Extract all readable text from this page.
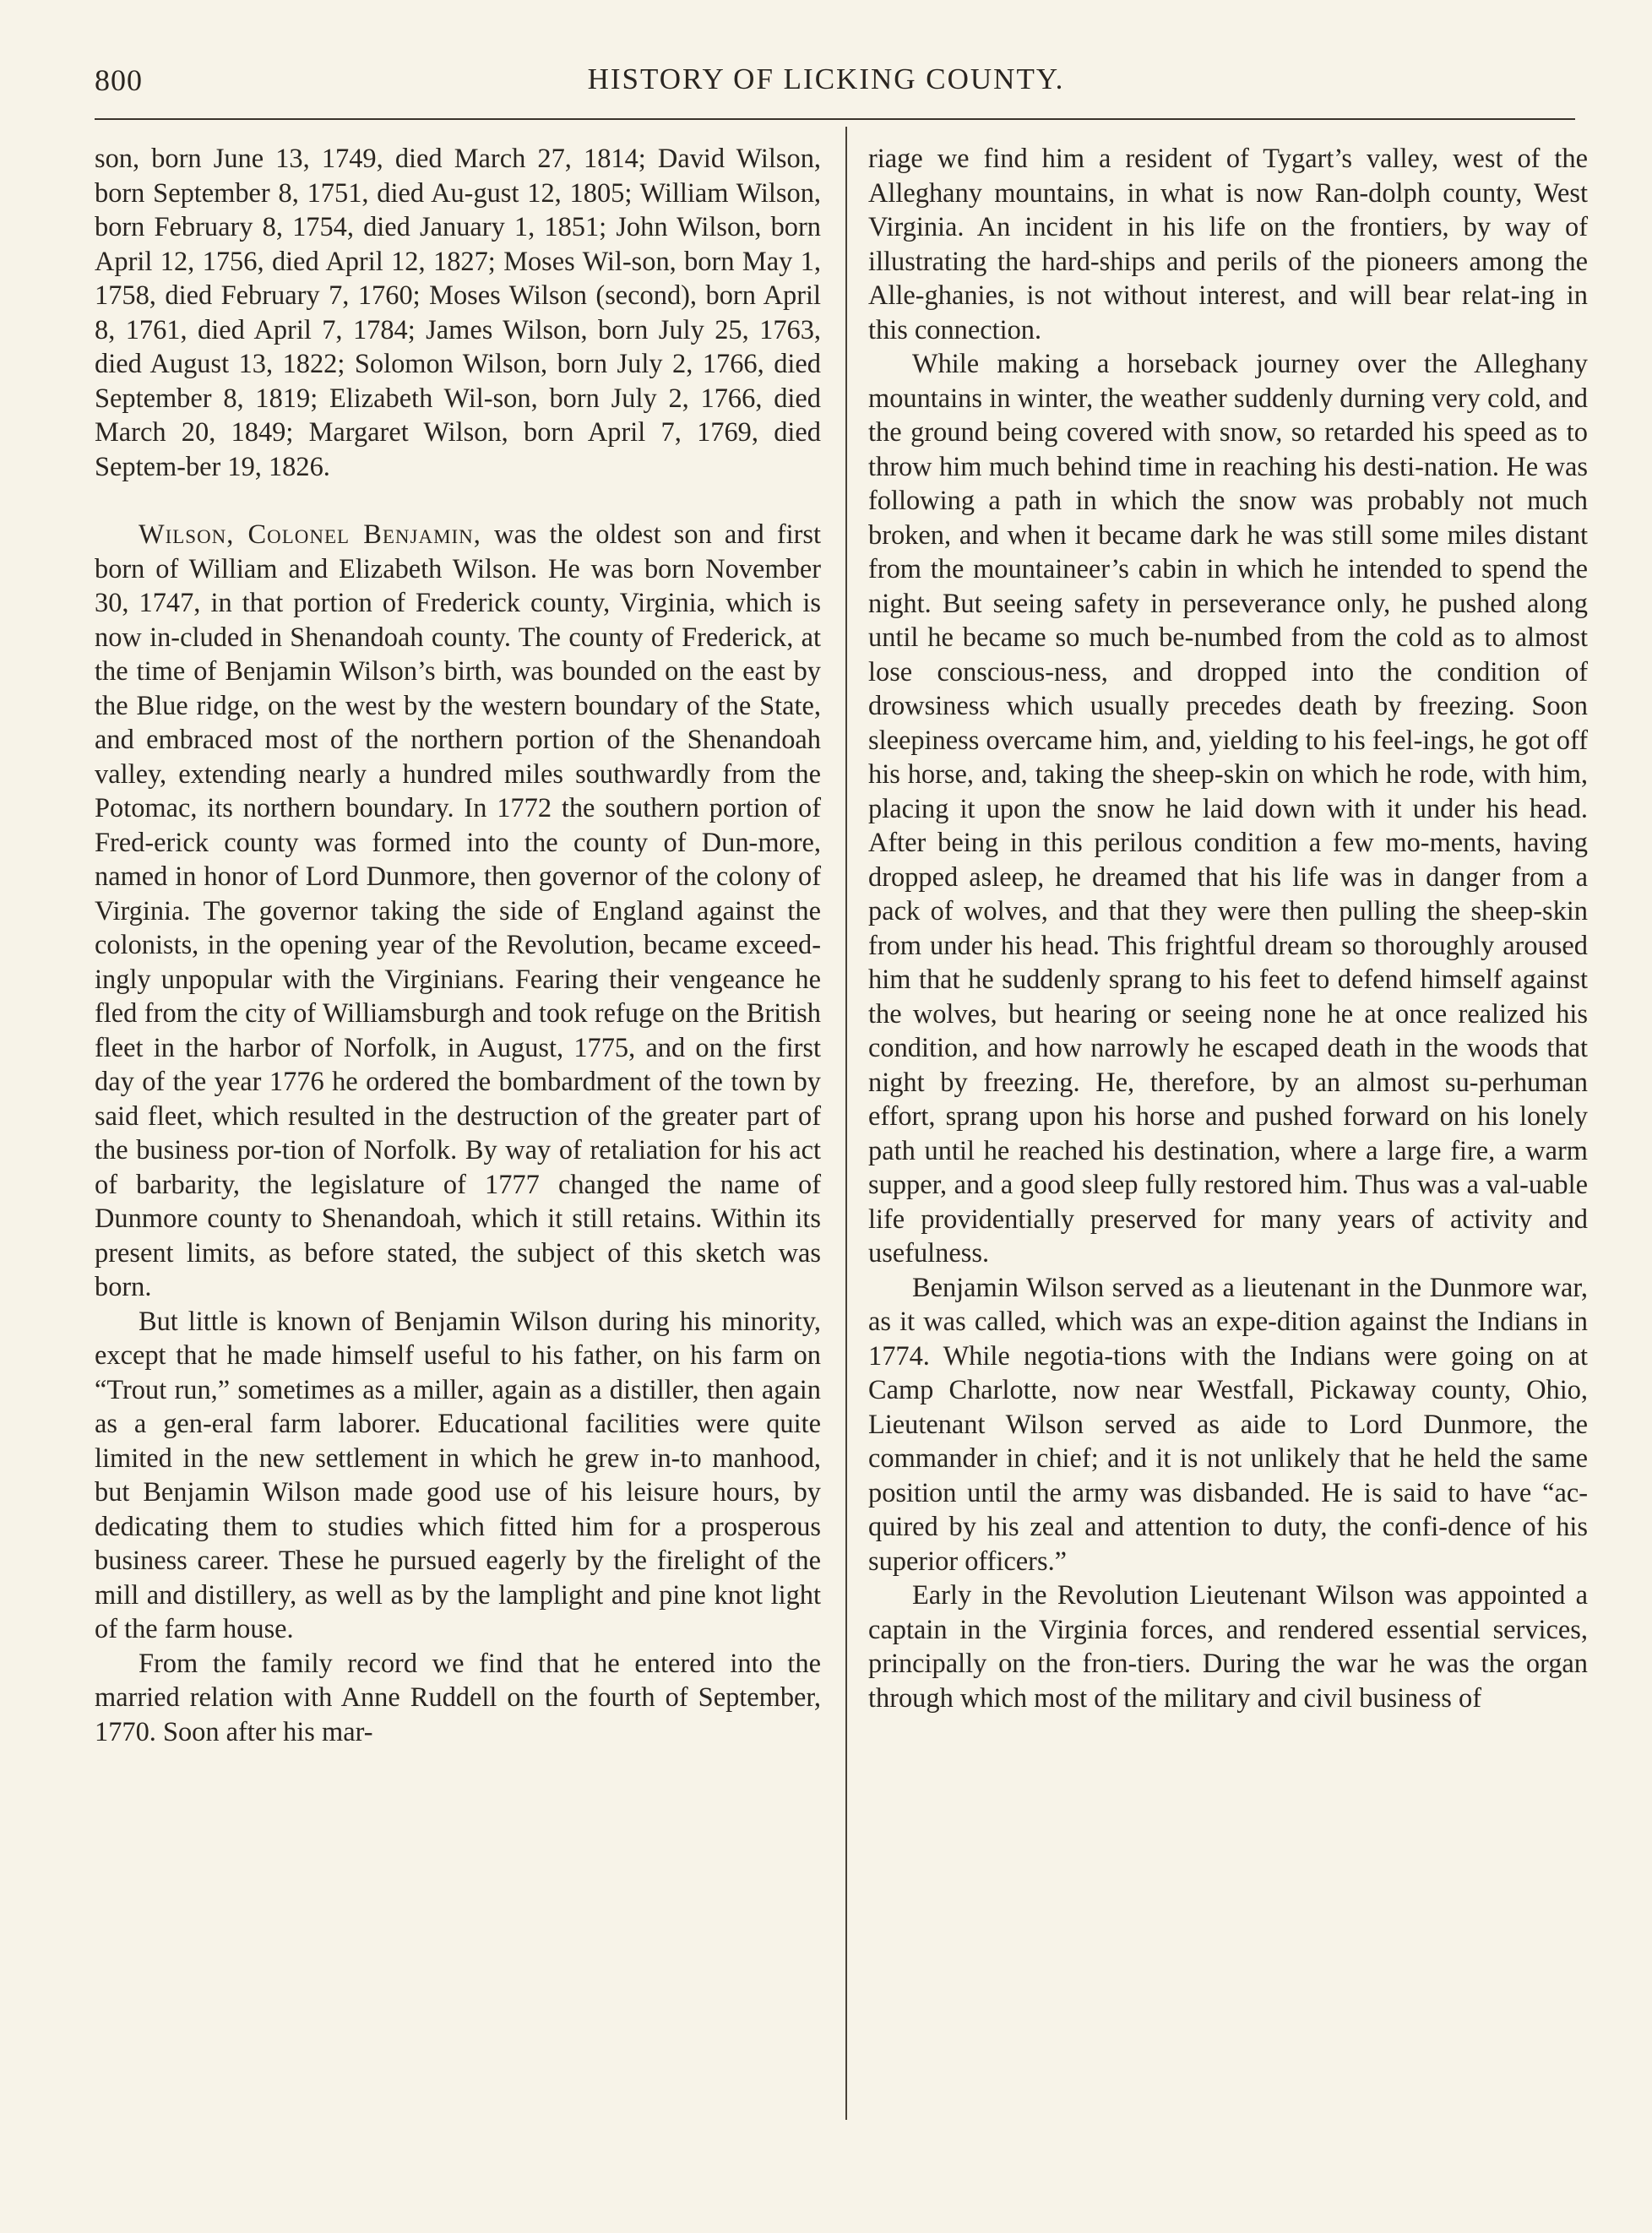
800	HISTORY OF LICKING COUNTY.

son, born June 13, 1749, died March 27, 1814; David Wilson, born September 8, 1751, died Au-gust 12, 1805; William Wilson, born February 8, 1754, died January 1, 1851; John Wilson, born April 12, 1756, died April 12, 1827; Moses Wil-son, born May 1, 1758, died February 7, 1760; Moses Wilson (second), born April 8, 1761, died April 7, 1784; James Wilson, born July 25, 1763, died August 13, 1822; Solomon Wilson, born July 2, 1766, died September 8, 1819; Elizabeth Wil-son, born July 2, 1766, died March 20, 1849; Margaret Wilson, born April 7, 1769, died Septem-ber 19, 1826.

Wilson, Colonel Benjamin, was the oldest son and first born of William and Elizabeth Wilson. He was born November 30, 1747, in that portion of Frederick county, Virginia, which is now in-cluded in Shenandoah county. The county of Frederick, at the time of Benjamin Wilson’s birth, was bounded on the east by the Blue ridge, on the west by the western boundary of the State, and embraced most of the northern portion of the Shenandoah valley, extending nearly a hundred miles southwardly from the Potomac, its northern boundary. In 1772 the southern portion of Fred-erick county was formed into the county of Dun-more, named in honor of Lord Dunmore, then governor of the colony of Virginia. The governor taking the side of England against the colonists, in the opening year of the Revolution, became exceed-ingly unpopular with the Virginians. Fearing their vengeance he fled from the city of Williamsburgh and took refuge on the British fleet in the harbor of Norfolk, in August, 1775, and on the first day of the year 1776 he ordered the bombardment of the town by said fleet, which resulted in the destruction of the greater part of the business por-tion of Norfolk. By way of retaliation for his act of barbarity, the legislature of 1777 changed the name of Dunmore county to Shenandoah, which it still retains. Within its present limits, as before stated, the subject of this sketch was born.

But little is known of Benjamin Wilson during his minority, except that he made himself useful to his father, on his farm on “Trout run,” sometimes as a miller, again as a distiller, then again as a gen-eral farm laborer. Educational facilities were quite limited in the new settlement in which he grew in-to manhood, but Benjamin Wilson made good use of his leisure hours, by dedicating them to studies which fitted him for a prosperous business career. These he pursued eagerly by the firelight of the mill and distillery, as well as by the lamplight and pine knot light of the farm house.

From the family record we find that he entered into the married relation with Anne Ruddell on the fourth of September, 1770. Soon after his mar-

riage we find him a resident of Tygart’s valley, west of the Alleghany mountains, in what is now Ran-dolph county, West Virginia. An incident in his life on the frontiers, by way of illustrating the hard-ships and perils of the pioneers among the Alle-ghanies, is not without interest, and will bear relat-ing in this connection.

While making a horseback journey over the Alleghany mountains in winter, the weather suddenly durning very cold, and the ground being covered with snow, so retarded his speed as to throw him much behind time in reaching his desti-nation. He was following a path in which the snow was probably not much broken, and when it became dark he was still some miles distant from the mountaineer’s cabin in which he intended to spend the night. But seeing safety in perseverance only, he pushed along until he became so much be-numbed from the cold as to almost lose conscious-ness, and dropped into the condition of drowsiness which usually precedes death by freezing. Soon sleepiness overcame him, and, yielding to his feel-ings, he got off his horse, and, taking the sheep-skin on which he rode, with him, placing it upon the snow he laid down with it under his head. After being in this perilous condition a few mo-ments, having dropped asleep, he dreamed that his life was in danger from a pack of wolves, and that they were then pulling the sheep-skin from under his head. This frightful dream so thoroughly aroused him that he suddenly sprang to his feet to defend himself against the wolves, but hearing or seeing none he at once realized his condition, and how narrowly he escaped death in the woods that night by freezing. He, therefore, by an almost su-perhuman effort, sprang upon his horse and pushed forward on his lonely path until he reached his destination, where a large fire, a warm supper, and a good sleep fully restored him. Thus was a val-uable life providentially preserved for many years of activity and usefulness.

Benjamin Wilson served as a lieutenant in the Dunmore war, as it was called, which was an expe-dition against the Indians in 1774. While negotia-tions with the Indians were going on at Camp Charlotte, now near Westfall, Pickaway county, Ohio, Lieutenant Wilson served as aide to Lord Dunmore, the commander in chief; and it is not unlikely that he held the same position until the army was disbanded. He is said to have “ac-quired by his zeal and attention to duty, the confi-dence of his superior officers.”

Early in the Revolution Lieutenant Wilson was appointed a captain in the Virginia forces, and rendered essential services, principally on the fron-tiers. During the war he was the organ through which most of the military and civil business of
